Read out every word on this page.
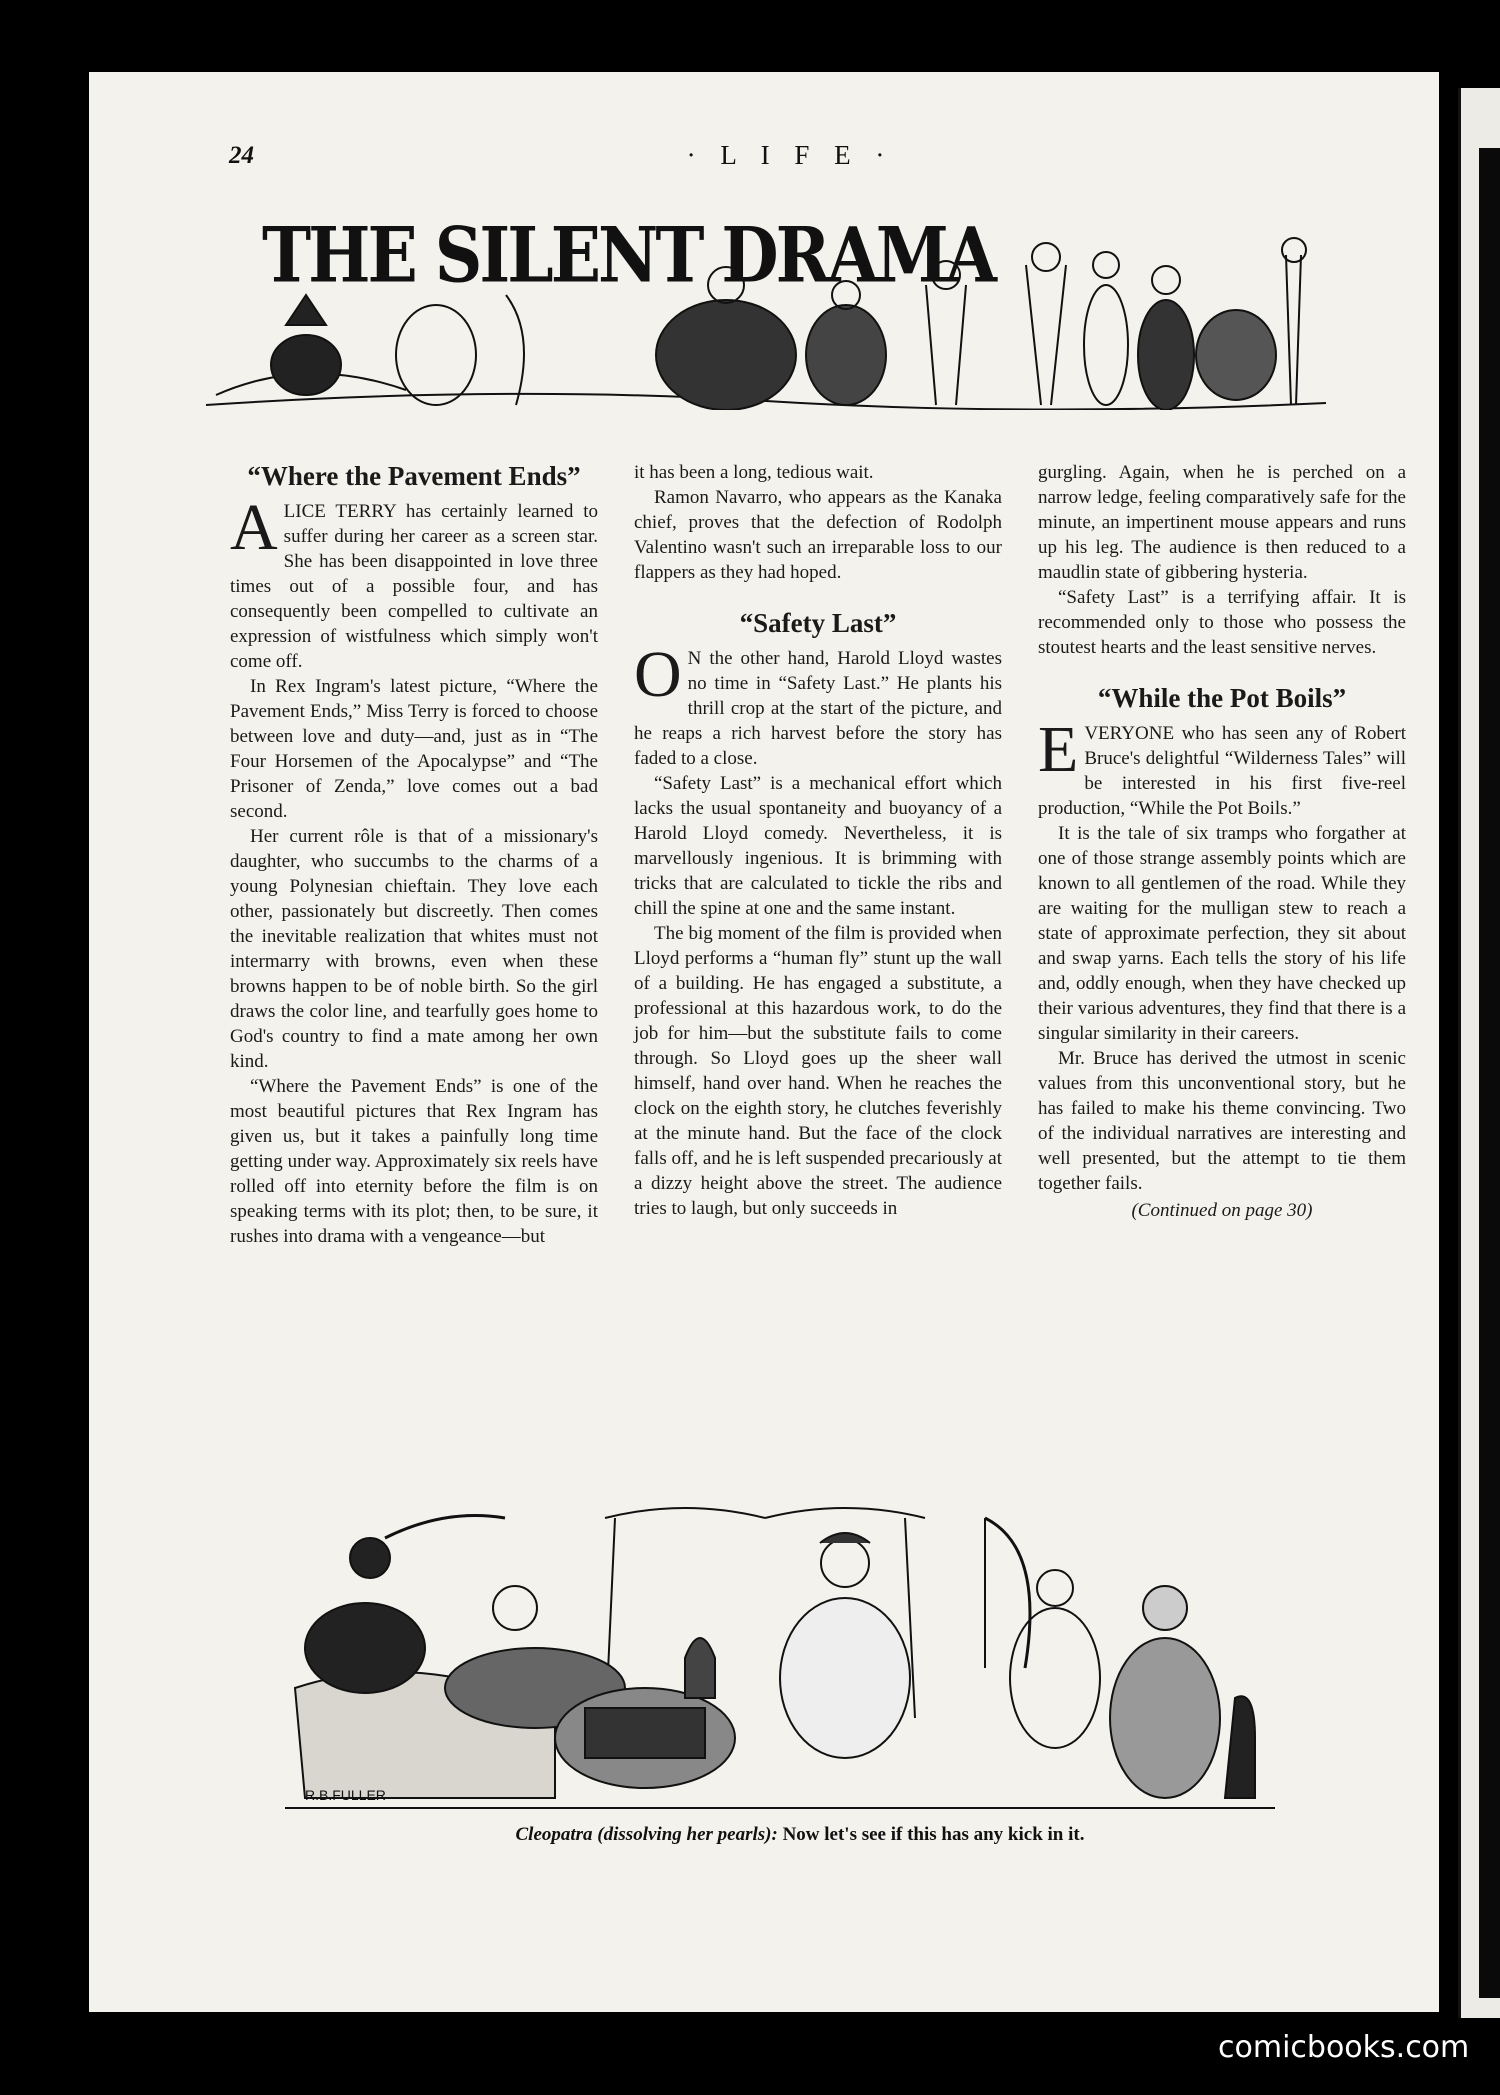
24	· L I F E ·
THE SILENT DRAMA
“Where the Pavement Ends”

ALICE TERRY has certainly learned to suffer during her career as a screen star. She has been disappointed in love three times out of a possible four, and has consequently been compelled to cultivate an expression of wistfulness which simply won't come off.

In Rex Ingram's latest picture, “Where the Pavement Ends,” Miss Terry is forced to choose between love and duty—and, just as in “The Four Horsemen of the Apocalypse” and “The Prisoner of Zenda,” love comes out a bad second.

Her current rôle is that of a missionary's daughter, who succumbs to the charms of a young Polynesian chieftain. They love each other, passionately but discreetly. Then comes the inevitable realization that whites must not intermarry with browns, even when these browns happen to be of noble birth. So the girl draws the color line, and tearfully goes home to God's country to find a mate among her own kind.

“Where the Pavement Ends” is one of the most beautiful pictures that Rex Ingram has given us, but it takes a painfully long time getting under way. Approximately six reels have rolled off into eternity before the film is on speaking terms with its plot; then, to be sure, it rushes into drama with a vengeance—but

it has been a long, tedious wait.

Ramon Navarro, who appears as the Kanaka chief, proves that the defection of Rodolph Valentino wasn't such an irreparable loss to our flappers as they had hoped.

“Safety Last”

O N the other hand, Harold Lloyd wastes no time in “Safety Last.” He plants his thrill crop at the start of the picture, and he reaps a rich harvest before the story has faded to a close.

“Safety Last” is a mechanical effort which lacks the usual spontaneity and buoyancy of a Harold Lloyd comedy. Nevertheless, it is marvellously ingenious. It is brimming with tricks that are calculated to tickle the ribs and chill the spine at one and the same instant.

The big moment of the film is provided when Lloyd performs a “human fly” stunt up the wall of a building. He has engaged a substitute, a professional at this hazardous work, to do the job for him—but the substitute fails to come through. So Lloyd goes up the sheer wall himself, hand over hand. When he reaches the clock on the eighth story, he clutches feverishly at the minute hand. But the face of the clock falls off, and he is left suspended precariously at a dizzy height above the street. The audience tries to laugh, but only succeeds in

gurgling. Again, when he is perched on a narrow ledge, feeling comparatively safe for the minute, an impertinent mouse appears and runs up his leg. The audience is then reduced to a maudlin state of gibbering hysteria.

“Safety Last” is a terrifying affair. It is recommended only to those who possess the stoutest hearts and the least sensitive nerves.

“While the Pot Boils”

EVERYONE who has seen any of Robert Bruce's delightful “Wilderness Tales” will be interested in his first five-reel production, “While the Pot Boils.”

It is the tale of six tramps who forgather at one of those strange assembly points which are known to all gentlemen of the road. While they are waiting for the mulligan stew to reach a state of approximate perfection, they sit about and swap yarns. Each tells the story of his life and, oddly enough, when they have checked up their various adventures, they find that there is a singular similarity in their careers.

Mr. Bruce has derived the utmost in scenic values from this unconventional story, but he has failed to make his theme convincing. Two of the individual narratives are interesting and well presented, but the attempt to tie them together fails.

(Continued on page 30)
R.B.FULLER
Cleopatra (dissolving her pearls): Now let's see if this has any kick in it.
comicbooks.com
